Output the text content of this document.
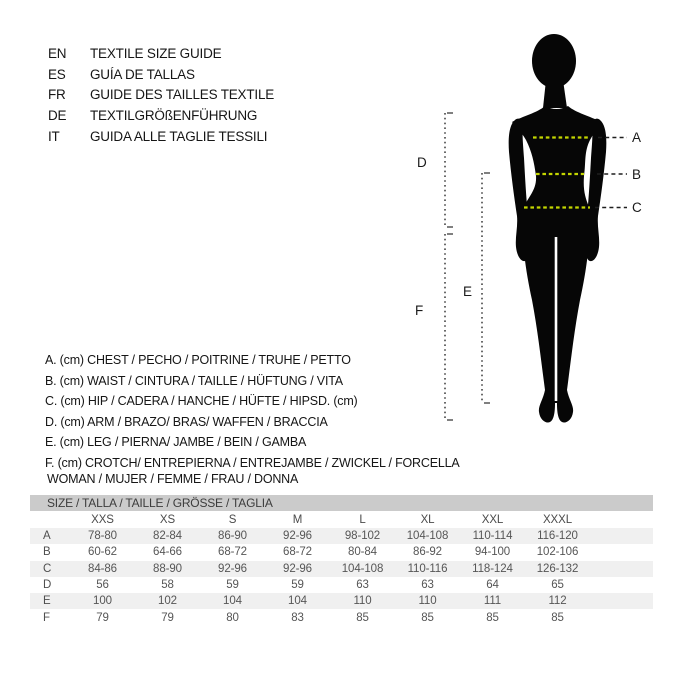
EN	TEXTILE SIZE GUIDE
ES	GUÍA DE TALLAS
FR	GUIDE DES TAILLES TEXTILE
DE	TEXTILGRÖßENFÜHRUNG
IT	GUIDA ALLE TAGLIE TESSILI	A
B
C
D
E
F
A. (cm) CHEST / PECHO / POITRINE / TRUHE / PETTO
B. (cm) WAIST / CINTURA / TAILLE / HÜFTUNG / VITA
C. (cm) HIP / CADERA / HANCHE / HÜFTE / HIPSD. (cm)
D. (cm) ARM / BRAZO/ BRAS/ WAFFEN / BRACCIA
E. (cm) LEG / PIERNA/ JAMBE / BEIN / GAMBA
F. (cm) CROTCH/ ENTREPIERNA / ENTREJAMBE / ZWICKEL / FORCELLA
WOMAN / MUJER / FEMME / FRAU / DONNA
SIZE / TALLA / TAILLE / GRÖSSE / TAGLIA
	XXS	XS	S	M	L	XL	XXL	XXXL	
A	78-80	82-84	86-90	92-96	98-102	104-108	110-114	116-120	
B	60-62	64-66	68-72	68-72	80-84	86-92	94-100	102-106	
C	84-86	88-90	92-96	92-96	104-108	110-116	118-124	126-132	
D	56	58	59	59	63	63	64	65	
E	100	102	104	104	110	110	111	112	
F	79	79	80	83	85	85	85	85	
